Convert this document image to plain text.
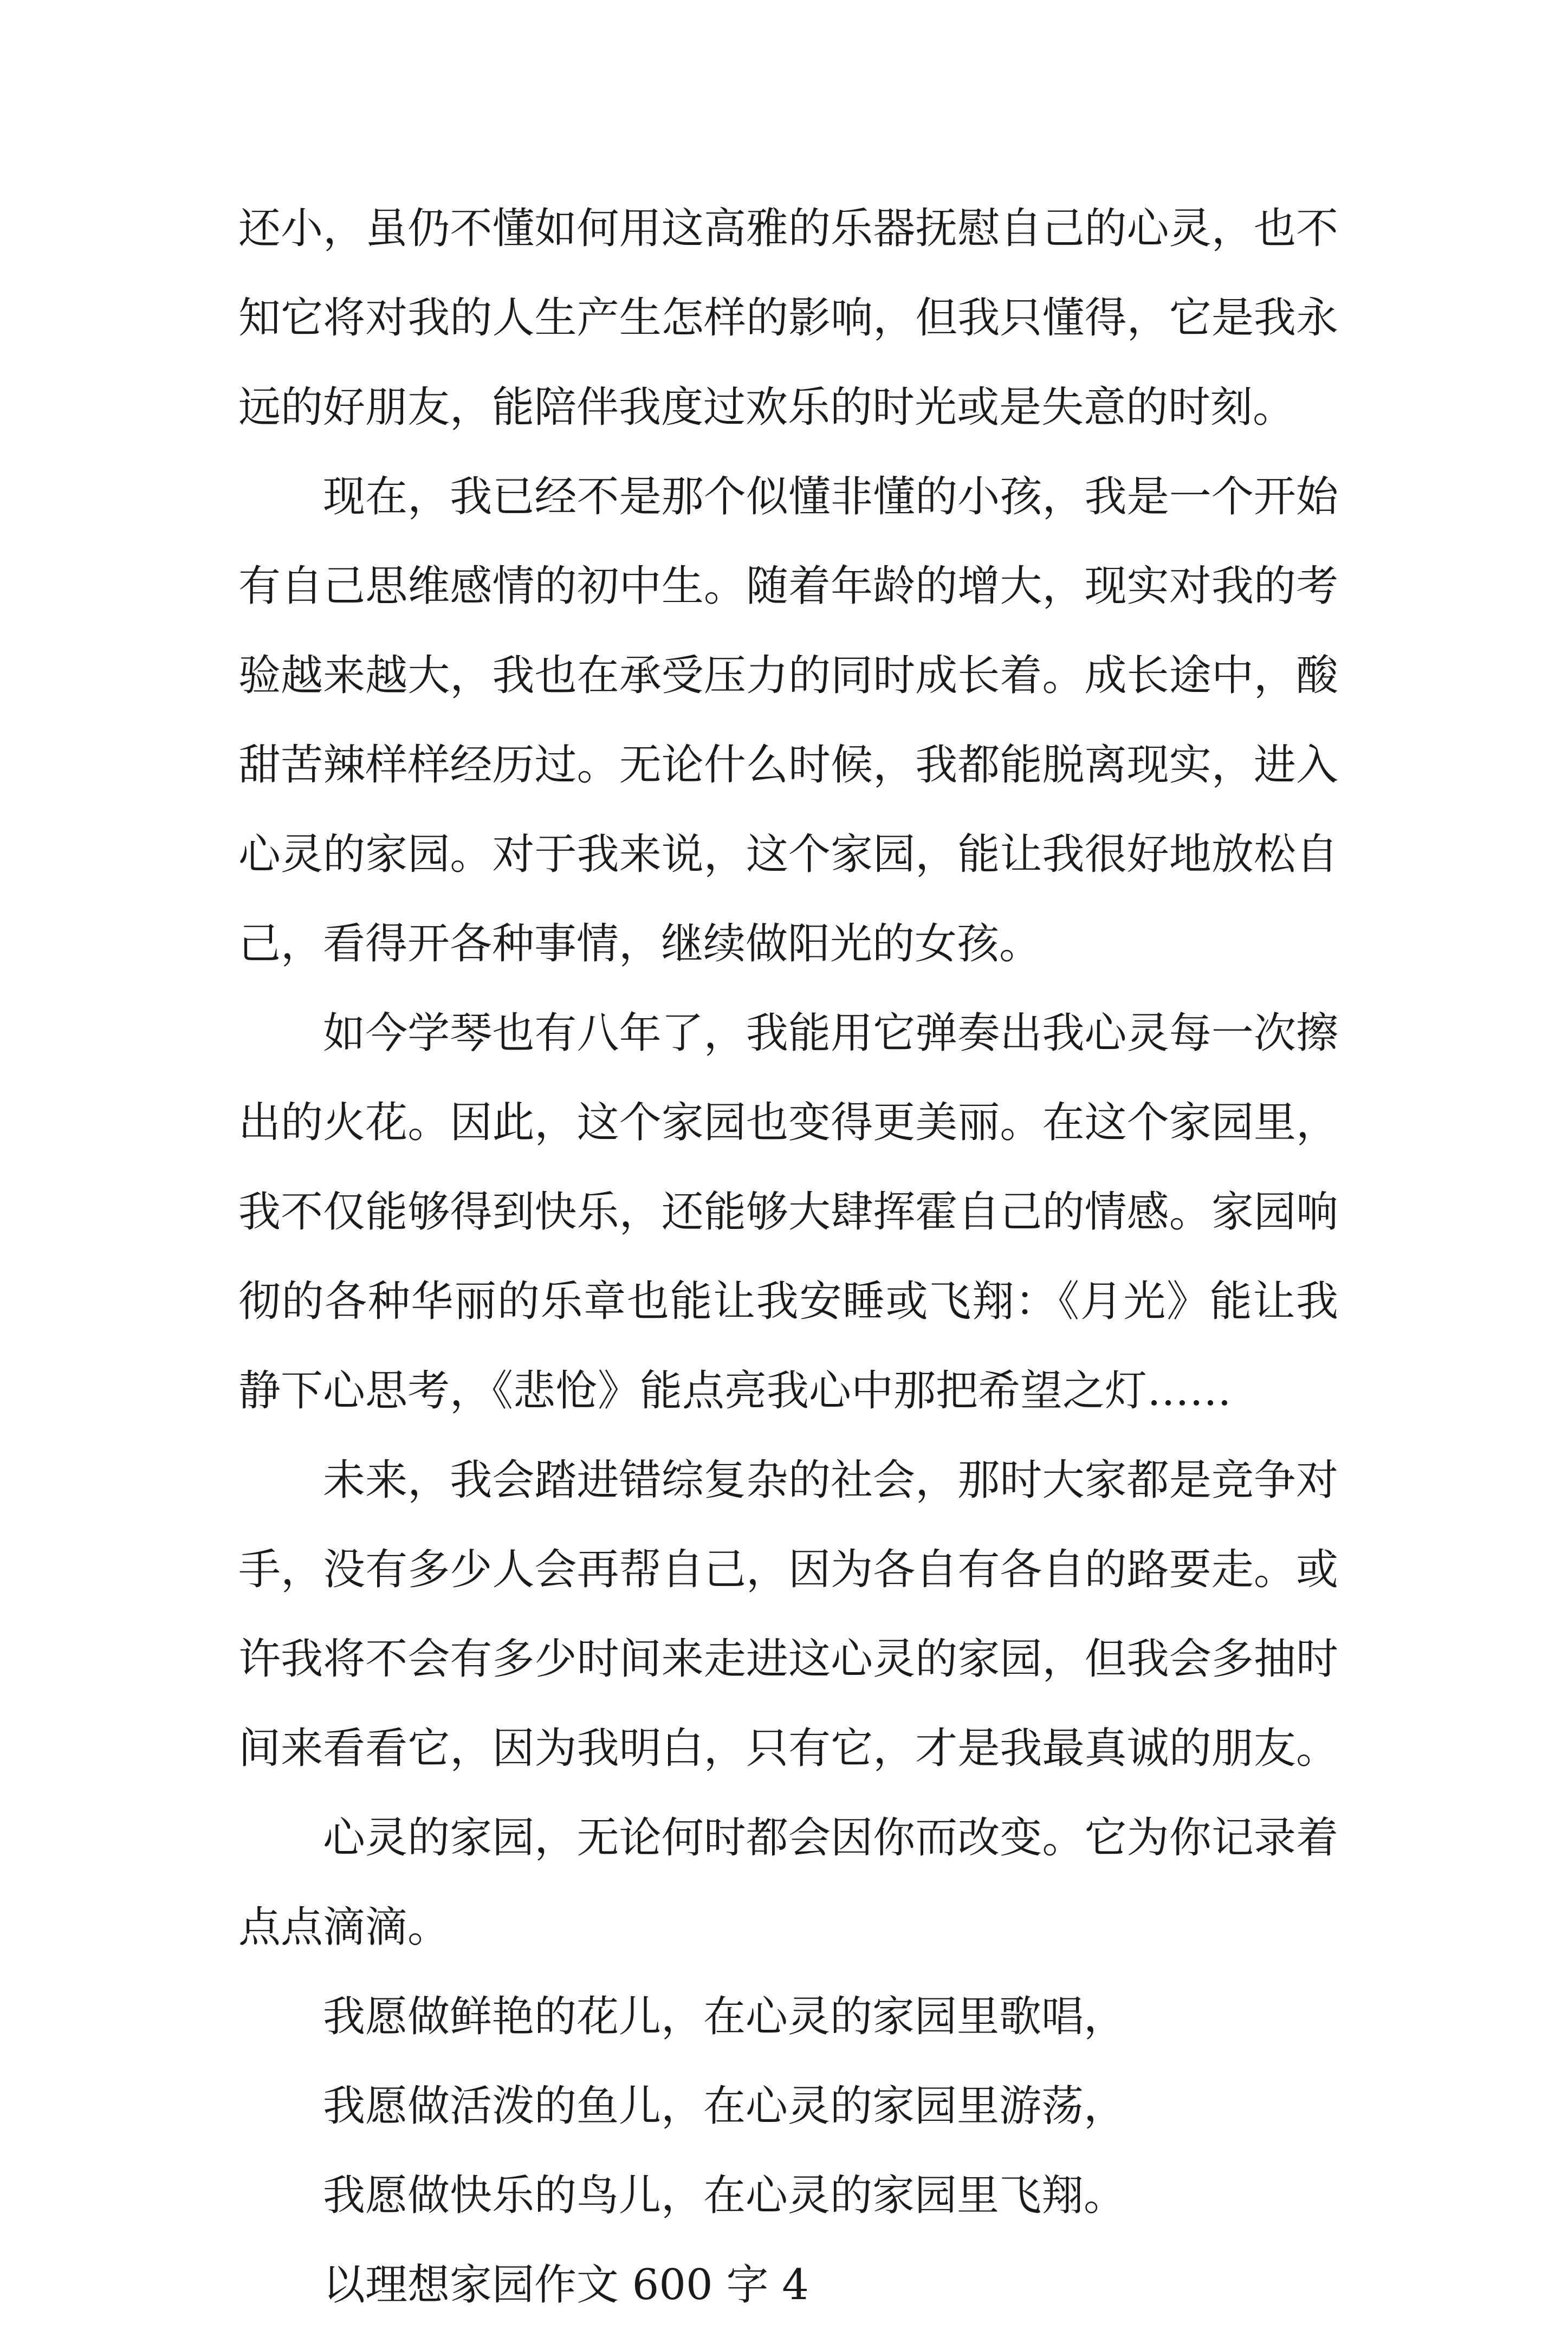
还小，虽仍不懂如何用这高雅的乐器抚慰自己的心灵，也不
知它将对我的人生产生怎样的影响，但我只懂得，它是我永
远的好朋友，能陪伴我度过欢乐的时光或是失意的时刻。
现在，我已经不是那个似懂非懂的小孩，我是一个开始
有自己思维感情的初中生。随着年龄的增大，现实对我的考
验越来越大，我也在承受压力的同时成长着。成长途中，酸
甜苦辣样样经历过。无论什么时候，我都能脱离现实，进入
心灵的家园。对于我来说，这个家园，能让我很好地放松自
己，看得开各种事情，继续做阳光的女孩。
如今学琴也有八年了，我能用它弹奏出我心灵每一次擦
出的火花。因此，这个家园也变得更美丽。在这个家园里，
我不仅能够得到快乐，还能够大肆挥霍自己的情感。家园响
彻的各种华丽的乐章也能让我安睡或飞翔：《月光》能让我
静下心思考，《悲怆》能点亮我心中那把希望之灯……
未来，我会踏进错综复杂的社会，那时大家都是竞争对
手，没有多少人会再帮自己，因为各自有各自的路要走。或
许我将不会有多少时间来走进这心灵的家园，但我会多抽时
间来看看它，因为我明白，只有它，才是我最真诚的朋友。
心灵的家园，无论何时都会因你而改变。它为你记录着
点点滴滴。
我愿做鲜艳的花儿，在心灵的家园里歌唱，
我愿做活泼的鱼儿，在心灵的家园里游荡，
我愿做快乐的鸟儿，在心灵的家园里飞翔。
以理想家园作文 600 字 4
